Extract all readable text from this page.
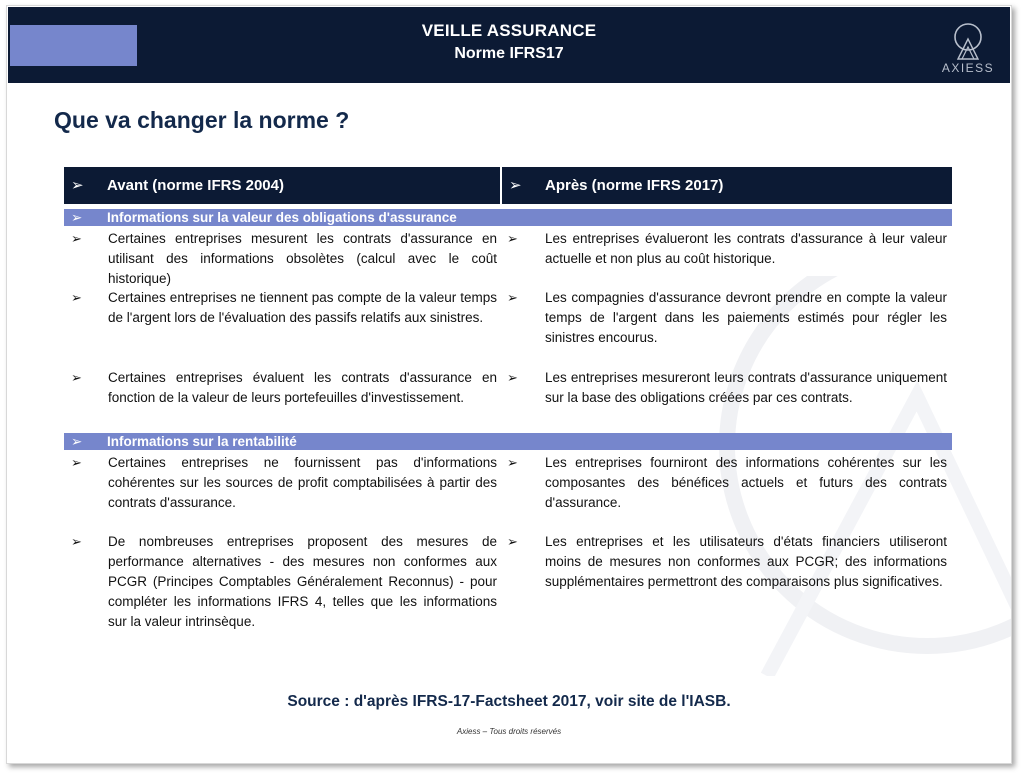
VEILLE ASSURANCE
Norme IFRS17
AXIESS
Que va changer la norme ?
➢ Avant (norme IFRS 2004)	➢ Après (norme IFRS 2017)
➢ Informations sur la valeur des obligations d'assurance
➢ Certaines entreprises mesurent les contrats d'assurance en utilisant des informations obsolètes (calcul avec le coût historique)
➢ Les entreprises évalueront les contrats d'assurance à leur valeur actuelle et non plus au coût historique.
➢ Certaines entreprises ne tiennent pas compte de la valeur temps de l'argent lors de l'évaluation des passifs relatifs aux sinistres.
➢ Les compagnies d'assurance devront prendre en compte la valeur temps de l'argent dans les paiements estimés pour régler les sinistres encourus.
➢ Certaines entreprises évaluent les contrats d'assurance en fonction de la valeur de leurs portefeuilles d'investissement.
➢ Les entreprises mesureront leurs contrats d'assurance uniquement sur la base des obligations créées par ces contrats.
➢ Informations sur la rentabilité
➢ Certaines entreprises ne fournissent pas d'informations cohérentes sur les sources de profit comptabilisées à partir des contrats d'assurance.
➢ Les entreprises fourniront des informations cohérentes sur les composantes des bénéfices actuels et futurs des contrats d'assurance.
➢ De nombreuses entreprises proposent des mesures de performance alternatives - des mesures non conformes aux PCGR (Principes Comptables Généralement Reconnus) - pour compléter les informations IFRS 4, telles que les informations sur la valeur intrinsèque.
➢ Les entreprises et les utilisateurs d'états financiers utiliseront moins de mesures non conformes aux PCGR; des informations supplémentaires permettront des comparaisons plus significatives.
Source : d'après IFRS-17-Factsheet 2017, voir site de l'IASB.
Axiess – Tous droits réservés
